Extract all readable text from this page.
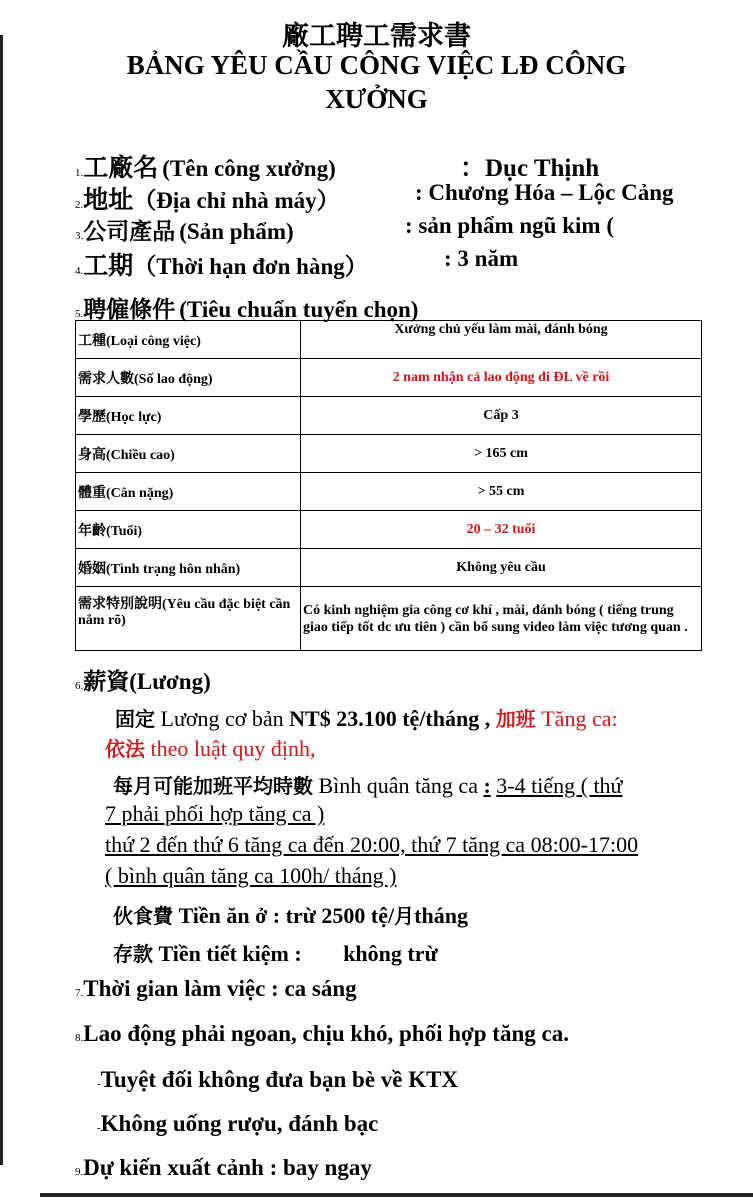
廠工聘工需求書
BẢNG YÊU CẦU CÔNG VIỆC LĐ CÔNG
XƯỞNG
1.工廠名 (Tên công xưởng)	：Dục Thịnh
2.地址（Địa chỉ nhà máy）	: Chương Hóa – Lộc Cảng
3.公司產品 (Sản phẩm)	: sản phẩm ngũ kim (
4.工期（Thời hạn đơn hàng）	: 3 năm
5.聘僱條件 (Tiêu chuẩn tuyển chọn)
工種(Loại công việc)	Xưởng chủ yếu làm mài, đánh bóng
需求人數(Số lao động)	2 nam nhận cả lao động đi ĐL về rồi
學歷(Học lực)	Cấp 3
身高(Chiều cao)	> 165 cm
體重(Cân nặng)	> 55 cm
年齡(Tuổi)	20 – 32 tuổi
婚姻(Tình trạng hôn nhân)	Không yêu cầu
需求特別說明(Yêu cầu đặc biệt cần nắm rõ)	Có kinh nghiệm gia công cơ khí , mài, đánh bóng ( tiếng trung giao tiếp tốt dc ưu tiên ) cần bổ sung video làm việc tương quan .
6.薪資(Lương)
固定 Lương cơ bản NT$ 23.100 tệ/tháng , 加班 Tăng ca:
依法 theo luật quy định,
每月可能加班平均時數 Bình quân tăng ca : 3-4 tiếng ( thứ
7 phải phối hợp tăng ca )
thứ 2 đến thứ 6 tăng ca đến 20:00, thứ 7 tăng ca 08:00-17:00
( bình quân tăng ca 100h/ tháng )
伙食費 Tiền ăn ở : trừ 2500 tệ/月tháng
存款 Tiền tiết kiệm : không trừ
7.Thời gian làm việc : ca sáng
8.Lao động phải ngoan, chịu khó, phối hợp tăng ca.
-Tuyệt đối không đưa bạn bè về KTX
-Không uống rượu, đánh bạc
9.Dự kiến xuất cảnh : bay ngay
